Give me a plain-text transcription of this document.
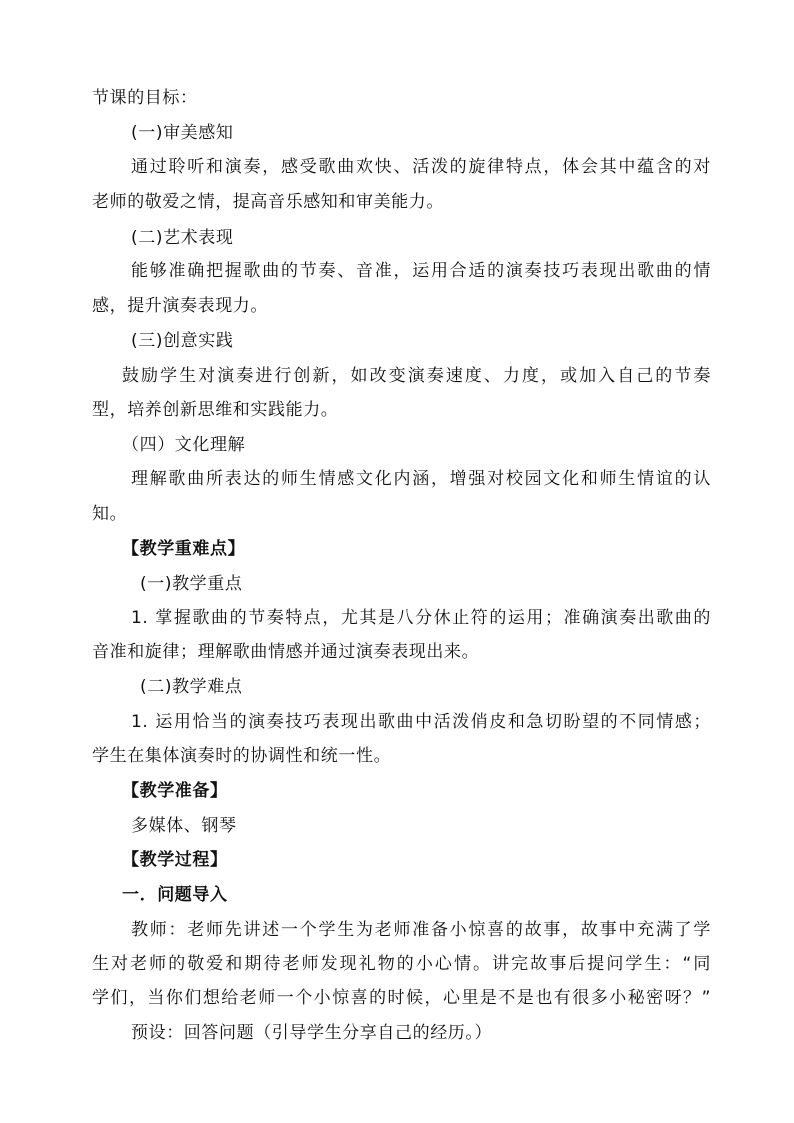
节课的目标：
(一)审美感知
通过聆听和演奏，感受歌曲欢快、活泼的旋律特点，体会其中蕴含的对
老师的敬爱之情，提高音乐感知和审美能力。
(二)艺术表现
能够准确把握歌曲的节奏、音准，运用合适的演奏技巧表现出歌曲的情
感，提升演奏表现力。
(三)创意实践
鼓励学生对演奏进行创新，如改变演奏速度、力度，或加入自己的节奏
型，培养创新思维和实践能力。
（四）文化理解
理解歌曲所表达的师生情感文化内涵，增强对校园文化和师生情谊的认
知。
【教学重难点】
(一)教学重点
1. 掌握歌曲的节奏特点，尤其是八分休止符的运用；准确演奏出歌曲的
音准和旋律；理解歌曲情感并通过演奏表现出来。
(二)教学难点
1. 运用恰当的演奏技巧表现出歌曲中活泼俏皮和急切盼望的不同情感；
学生在集体演奏时的协调性和统一性。
【教学准备】
多媒体、钢琴
【教学过程】
一．问题导入
教师：老师先讲述一个学生为老师准备小惊喜的故事，故事中充满了学
生对老师的敬爱和期待老师发现礼物的小心情。讲完故事后提问学生：“同
学们，当你们想给老师一个小惊喜的时候，心里是不是也有很多小秘密呀？”
预设：回答问题（引导学生分享自己的经历。）
